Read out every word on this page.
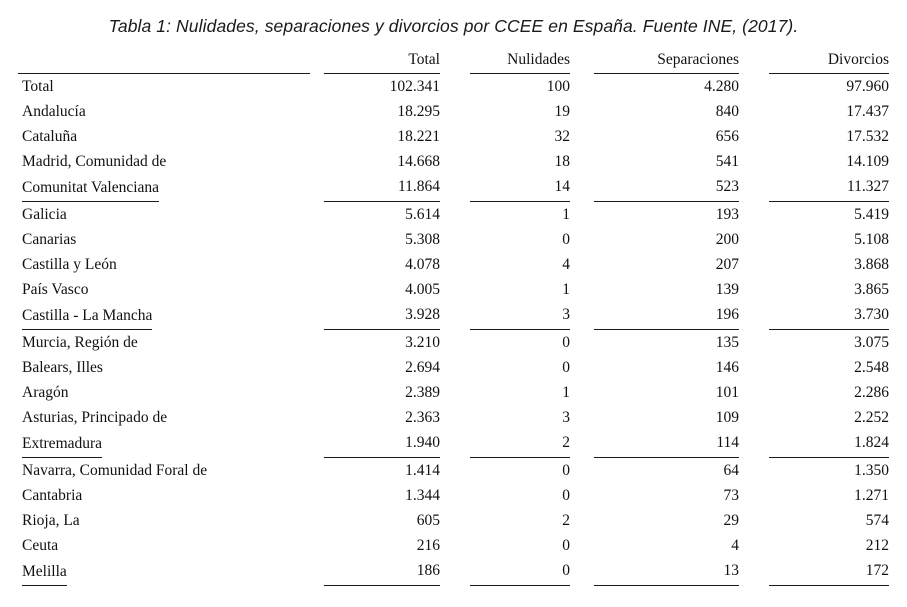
Tabla 1: Nulidades, separaciones y divorcios por CCEE en España. Fuente INE, (2017).
		Total		Nulidades		Separaciones		Divorcios

Total		102.341		100		4.280		97.960
Andalucía		18.295		19		840		17.437
Cataluña		18.221		32		656		17.532
Madrid, Comunidad de		14.668		18		541		14.109
Comunitat Valenciana		11.864		14		523		11.327

Galicia		5.614		1		193		5.419
Canarias		5.308		0		200		5.108
Castilla y León		4.078		4		207		3.868
País Vasco		4.005		1		139		3.865
Castilla - La Mancha		3.928		3		196		3.730

Murcia, Región de		3.210		0		135		3.075
Balears, Illes		2.694		0		146		2.548
Aragón		2.389		1		101		2.286
Asturias, Principado de		2.363		3		109		2.252
Extremadura		1.940		2		114		1.824

Navarra, Comunidad Foral de		1.414		0		64		1.350
Cantabria		1.344		0		73		1.271
Rioja, La		605		2		29		574
Ceuta		216		0		4		212
Melilla		186		0		13		172
